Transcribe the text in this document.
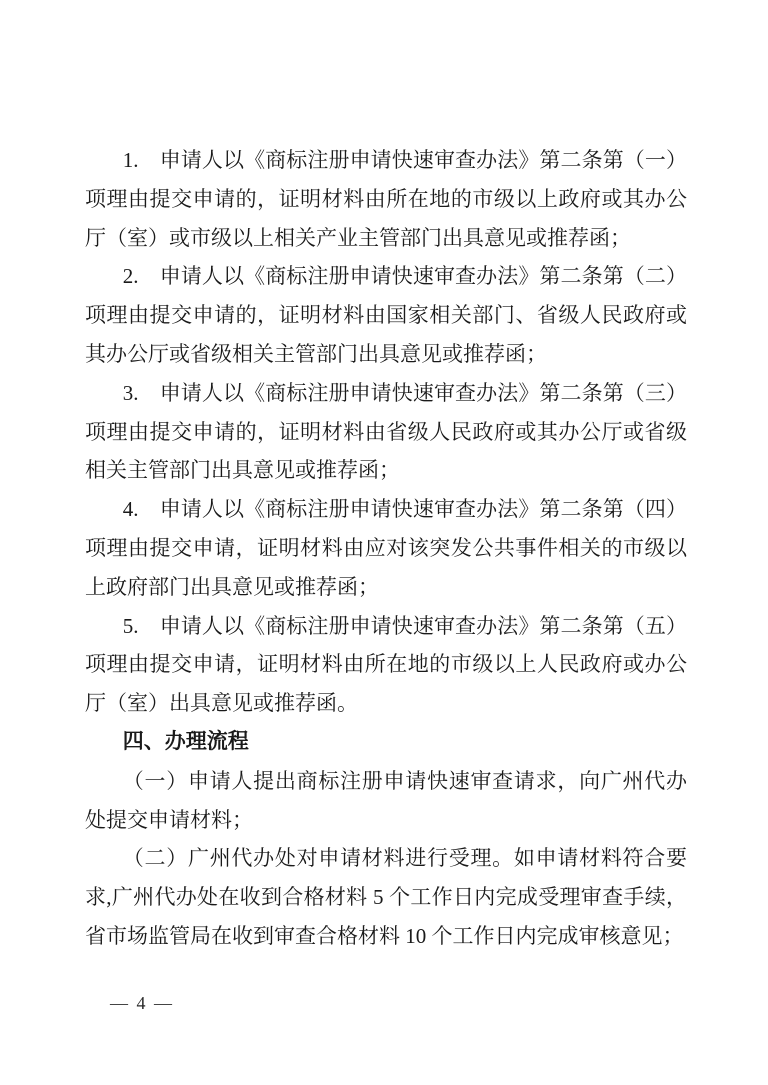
1.　申请人以《商标注册申请快速审查办法》第二条第（一）项理由提交申请的，证明材料由所在地的市级以上政府或其办公厅（室）或市级以上相关产业主管部门出具意见或推荐函；

2.　申请人以《商标注册申请快速审查办法》第二条第（二）项理由提交申请的，证明材料由国家相关部门、省级人民政府或其办公厅或省级相关主管部门出具意见或推荐函；

3.　申请人以《商标注册申请快速审查办法》第二条第（三）项理由提交申请的，证明材料由省级人民政府或其办公厅或省级相关主管部门出具意见或推荐函；

4.　申请人以《商标注册申请快速审查办法》第二条第（四）项理由提交申请，证明材料由应对该突发公共事件相关的市级以上政府部门出具意见或推荐函；

5.　申请人以《商标注册申请快速审查办法》第二条第（五）项理由提交申请，证明材料由所在地的市级以上人民政府或办公厅（室）出具意见或推荐函。

四、办理流程

（一）申请人提出商标注册申请快速审查请求，向广州代办处提交申请材料；

（二）广州代办处对申请材料进行受理。如申请材料符合要求,广州代办处在收到合格材料 5 个工作日内完成受理审查手续，省市场监管局在收到审查合格材料 10 个工作日内完成审核意见；

— 4 —
